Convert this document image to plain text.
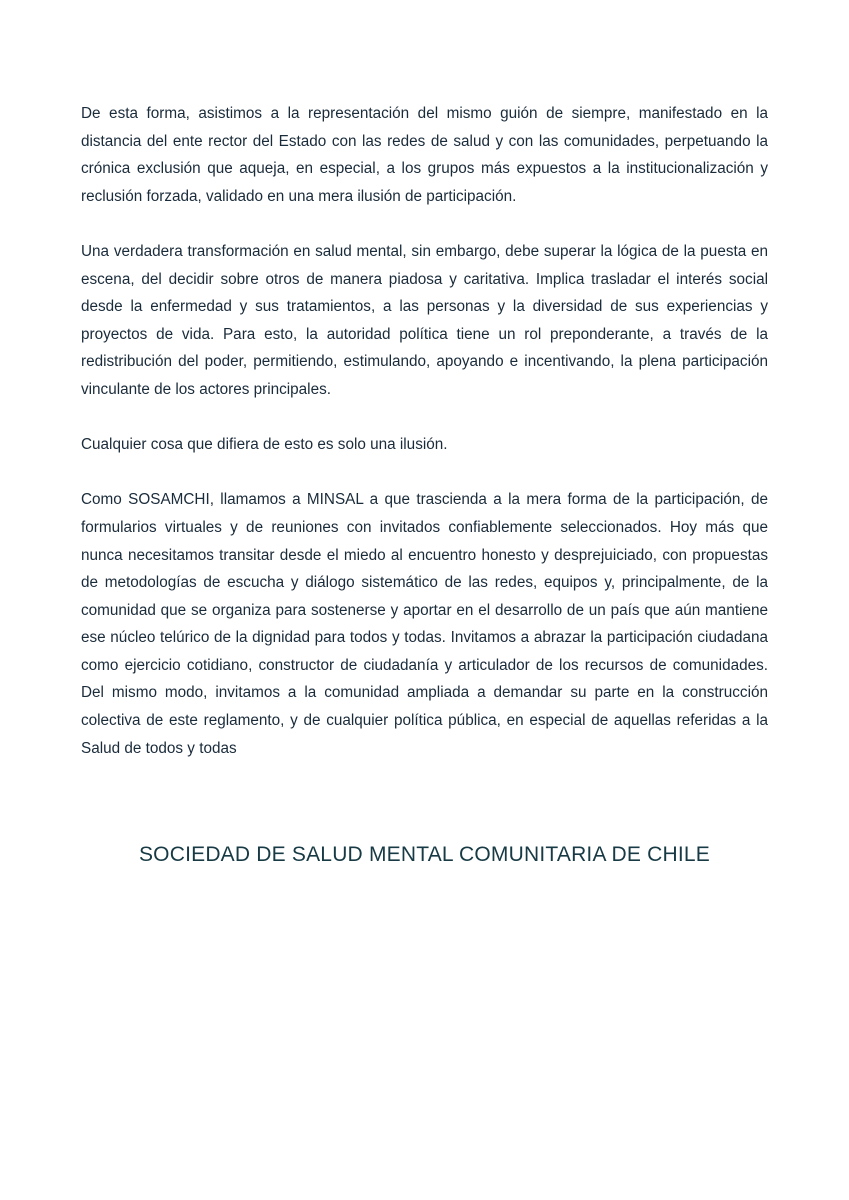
De esta forma, asistimos a la representación del mismo guión de siempre, manifestado en la distancia del ente rector del Estado con las redes de salud y con las comunidades, perpetuando la crónica exclusión que aqueja, en especial, a los grupos más expuestos a la institucionalización y reclusión forzada, validado en una mera ilusión de participación.

Una verdadera transformación en salud mental, sin embargo, debe superar la lógica de la puesta en escena, del decidir sobre otros de manera piadosa y caritativa. Implica trasladar el interés social desde la enfermedad y sus tratamientos, a las personas y la diversidad de sus experiencias y proyectos de vida. Para esto, la autoridad política tiene un rol preponderante, a través de la redistribución del poder, permitiendo, estimulando, apoyando e incentivando, la plena participación vinculante de los actores principales.

Cualquier cosa que difiera de esto es solo una ilusión.

Como SOSAMCHI, llamamos a MINSAL a que trascienda a la mera forma de la participación, de formularios virtuales y de reuniones con invitados confiablemente seleccionados. Hoy más que nunca necesitamos transitar desde el miedo al encuentro honesto y desprejuiciado, con propuestas de metodologías de escucha y diálogo sistemático de las redes, equipos y, principalmente, de la comunidad que se organiza para sostenerse y aportar en el desarrollo de un país que aún mantiene ese núcleo telúrico de la dignidad para todos y todas. Invitamos a abrazar la participación ciudadana como ejercicio cotidiano, constructor de ciudadanía y articulador de los recursos de comunidades. Del mismo modo, invitamos a la comunidad ampliada a demandar su parte en la construcción colectiva de este reglamento, y de cualquier política pública, en especial de aquellas referidas a la Salud de todos y todas

SOCIEDAD DE SALUD MENTAL COMUNITARIA DE CHILE
